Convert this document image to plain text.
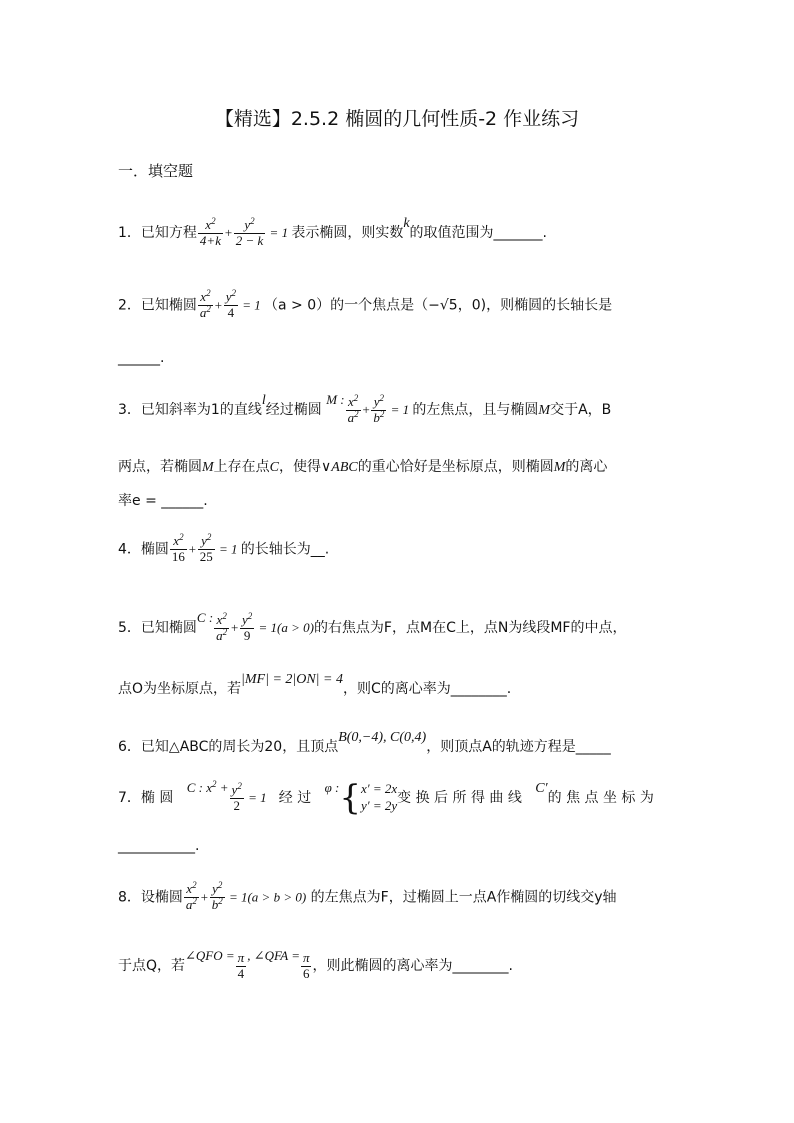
【精选】2.5.2 椭圆的几何性质-2 作业练习
一．填空题
1．已知方程 $\frac{x^2}{4+k} + \frac{y^2}{2 - k} = 1$ 表示椭圆，则实数k的取值范围为_______.
2．已知椭圆 $\frac{x^2}{a^2} + \frac{y^2}{4} = 1$ （a > 0）的一个焦点是（−√5，0)，则椭圆的长轴长是
______.
3．已知斜率为1的直线l经过椭圆 M : $\frac{x^2}{a^2} + \frac{y^2}{b^2} = 1$ 的左焦点，且与椭圆M交于A，B
两点，若椭圆M上存在点C，使得∨ABC的重心恰好是坐标原点，则椭圆M的离心
率e = ______.
4．椭圆 $\frac{x^2}{16} + \frac{y^2}{25} = 1$ 的长轴长为__.
5．已知椭圆C : $\frac{x^2}{a^2} + \frac{y^2}{9} = 1(a > 0)$的右焦点为F，点M在C上，点N为线段MF的中点，
点O为坐标原点，若|MF| = 2|ON| = 4，则C的离心率为________.
6．已知△ABC的周长为20，且顶点B(0,−4), C(0,4)，则顶点A的轨迹方程是_____
7．椭 圆   C : $x^2 + \frac{y^2}{2} = 1$   经 过   φ :{ x′ = 2x
y′ = 2y 变 换 后 所 得 曲 线   C′的 焦 点 坐 标 为
___________.
8．设椭圆 $\frac{x^2}{a^2} + \frac{y^2}{b^2} = 1(a > b > 0)$ 的左焦点为F，过椭圆上一点A作椭圆的切线交y轴
于点Q，若∠QFO = $\frac{\pi}{4}$ , ∠QFA = $\frac{\pi}{6}$ ，则此椭圆的离心率为________.
